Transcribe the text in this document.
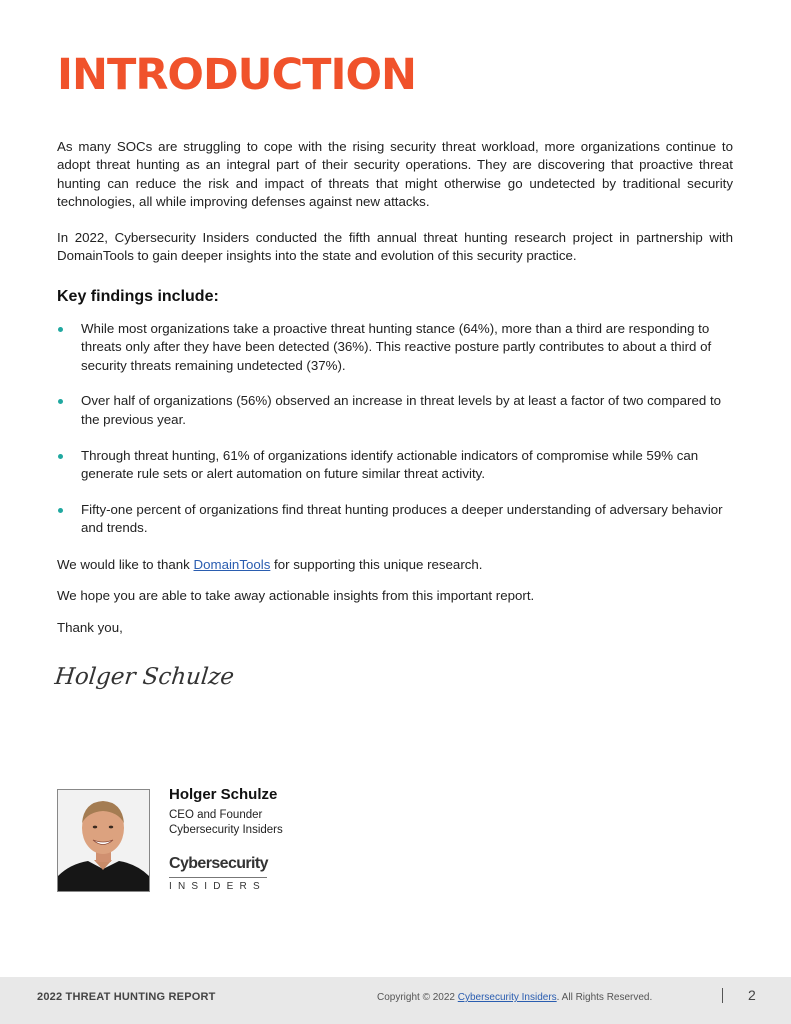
INTRODUCTION

As many SOCs are struggling to cope with the rising security threat workload, more organizations continue to adopt threat hunting as an integral part of their security operations. They are discovering that proactive threat hunting can reduce the risk and impact of threats that might otherwise go undetected by traditional security technologies, all while improving defenses against new attacks.

In 2022, Cybersecurity Insiders conducted the fifth annual threat hunting research project in partnership with DomainTools to gain deeper insights into the state and evolution of this security practice.

Key findings include:
While most organizations take a proactive threat hunting stance (64%), more than a third are responding to threats only after they have been detected (36%). This reactive posture partly contributes to about a third of security threats remaining undetected (37%).
Over half of organizations (56%) observed an increase in threat levels by at least a factor of two compared to the previous year.
Through threat hunting, 61% of organizations identify actionable indicators of compromise while 59% can generate rule sets or alert automation on future similar threat activity.
Fifty-one percent of organizations find threat hunting produces a deeper understanding of adversary behavior and trends.

We would like to thank DomainTools for supporting this unique research.

We hope you are able to take away actionable insights from this important report.

Thank you,

Holger Schulze

Holger Schulze

CEO and Founder

Cybersecurity Insiders

Cybersecurity
INSIDERS
2022 THREAT HUNTING REPORT	Copyright © 2022 Cybersecurity Insiders. All Rights Reserved.	2
